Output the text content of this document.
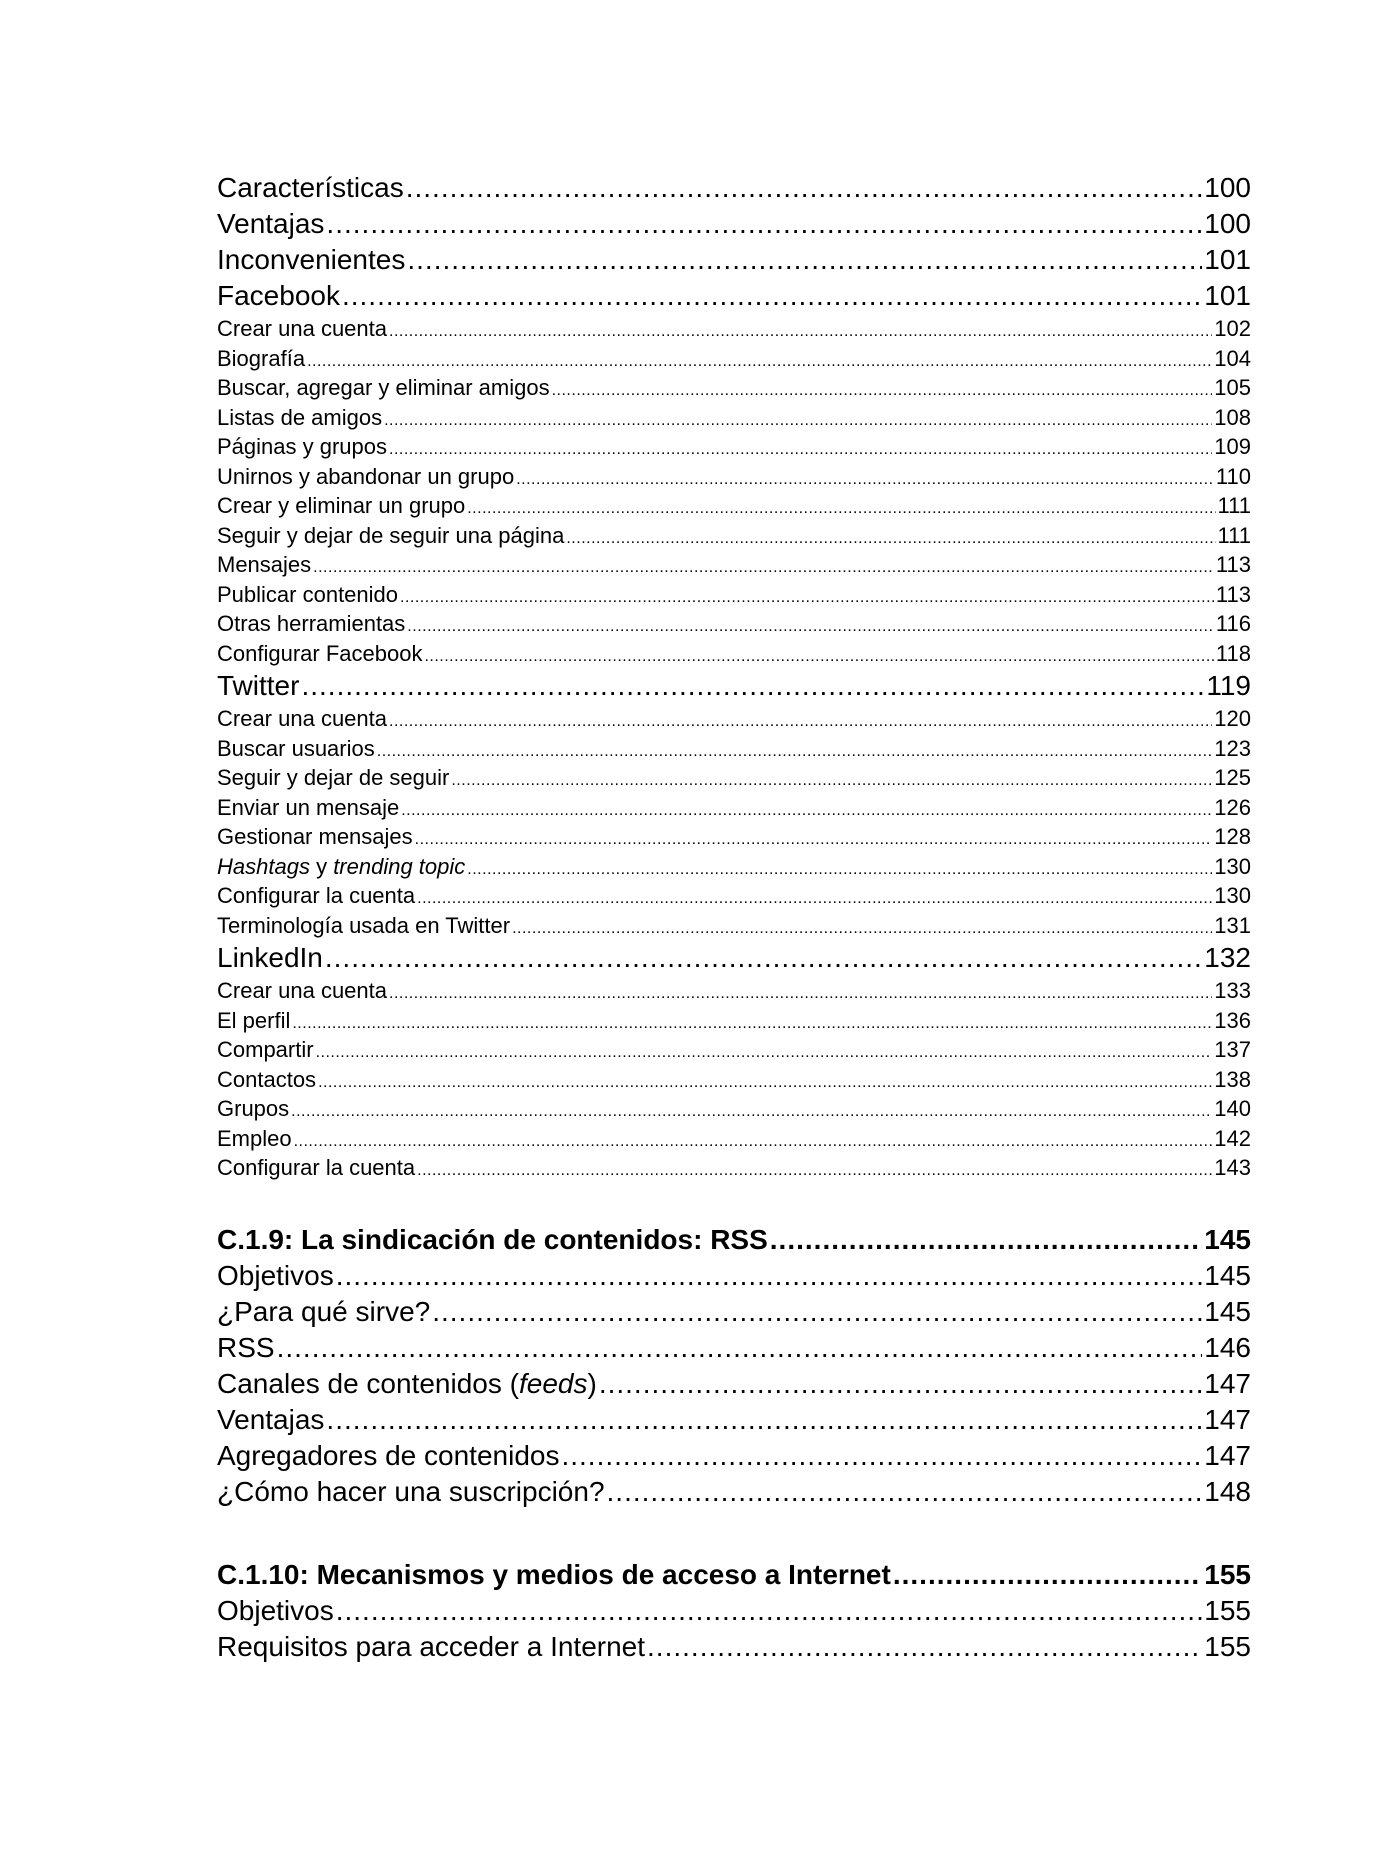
Características .....	100
Ventajas .....	100
Inconvenientes .....	101
Facebook .....	101
Crear una cuenta .....	102
Biografía .....	104
Buscar, agregar y eliminar amigos .....	105
Listas de amigos .....	108
Páginas y grupos .....	109
Unirnos y abandonar un grupo .....	110
Crear y eliminar un grupo .....	111
Seguir y dejar de seguir una página .....	111
Mensajes .....	113
Publicar contenido .....	113
Otras herramientas .....	116
Configurar Facebook .....	118
Twitter .....	119
Crear una cuenta .....	120
Buscar usuarios .....	123
Seguir y dejar de seguir .....	125
Enviar un mensaje .....	126
Gestionar mensajes .....	128
Hashtags y trending topic .....	130
Configurar la cuenta .....	130
Terminología usada en Twitter .....	131
LinkedIn .....	132
Crear una cuenta .....	133
El perfil .....	136
Compartir .....	137
Contactos .....	138
Grupos .....	140
Empleo .....	142
Configurar la cuenta .....	143
C.1.9: La sindicación de contenidos: RSS .....	145
Objetivos .....	145
¿Para qué sirve? .....	145
RSS .....	146
Canales de contenidos (feeds) .....	147
Ventajas .....	147
Agregadores de contenidos .....	147
¿Cómo hacer una suscripción? .....	148
C.1.10: Mecanismos y medios de acceso a Internet .....	155
Objetivos .....	155
Requisitos para acceder a Internet .....	155
